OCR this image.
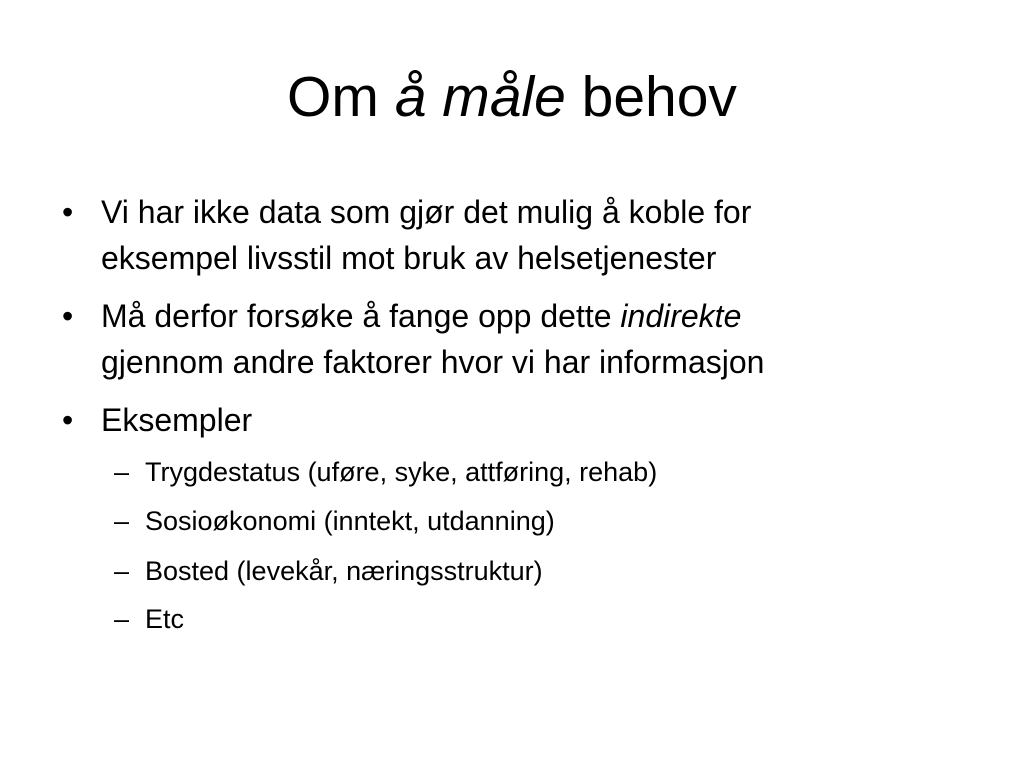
Om å måle behov
• Vi har ikke data som gjør det mulig å koble for
eksempel livsstil mot bruk av helsetjenester
• Må derfor forsøke å fange opp dette indirekte
gjennom andre faktorer hvor vi har informasjon
• Eksempler
– Trygdestatus (uføre, syke, attføring, rehab)
– Sosioøkonomi (inntekt, utdanning)
– Bosted (levekår, næringsstruktur)
– Etc
